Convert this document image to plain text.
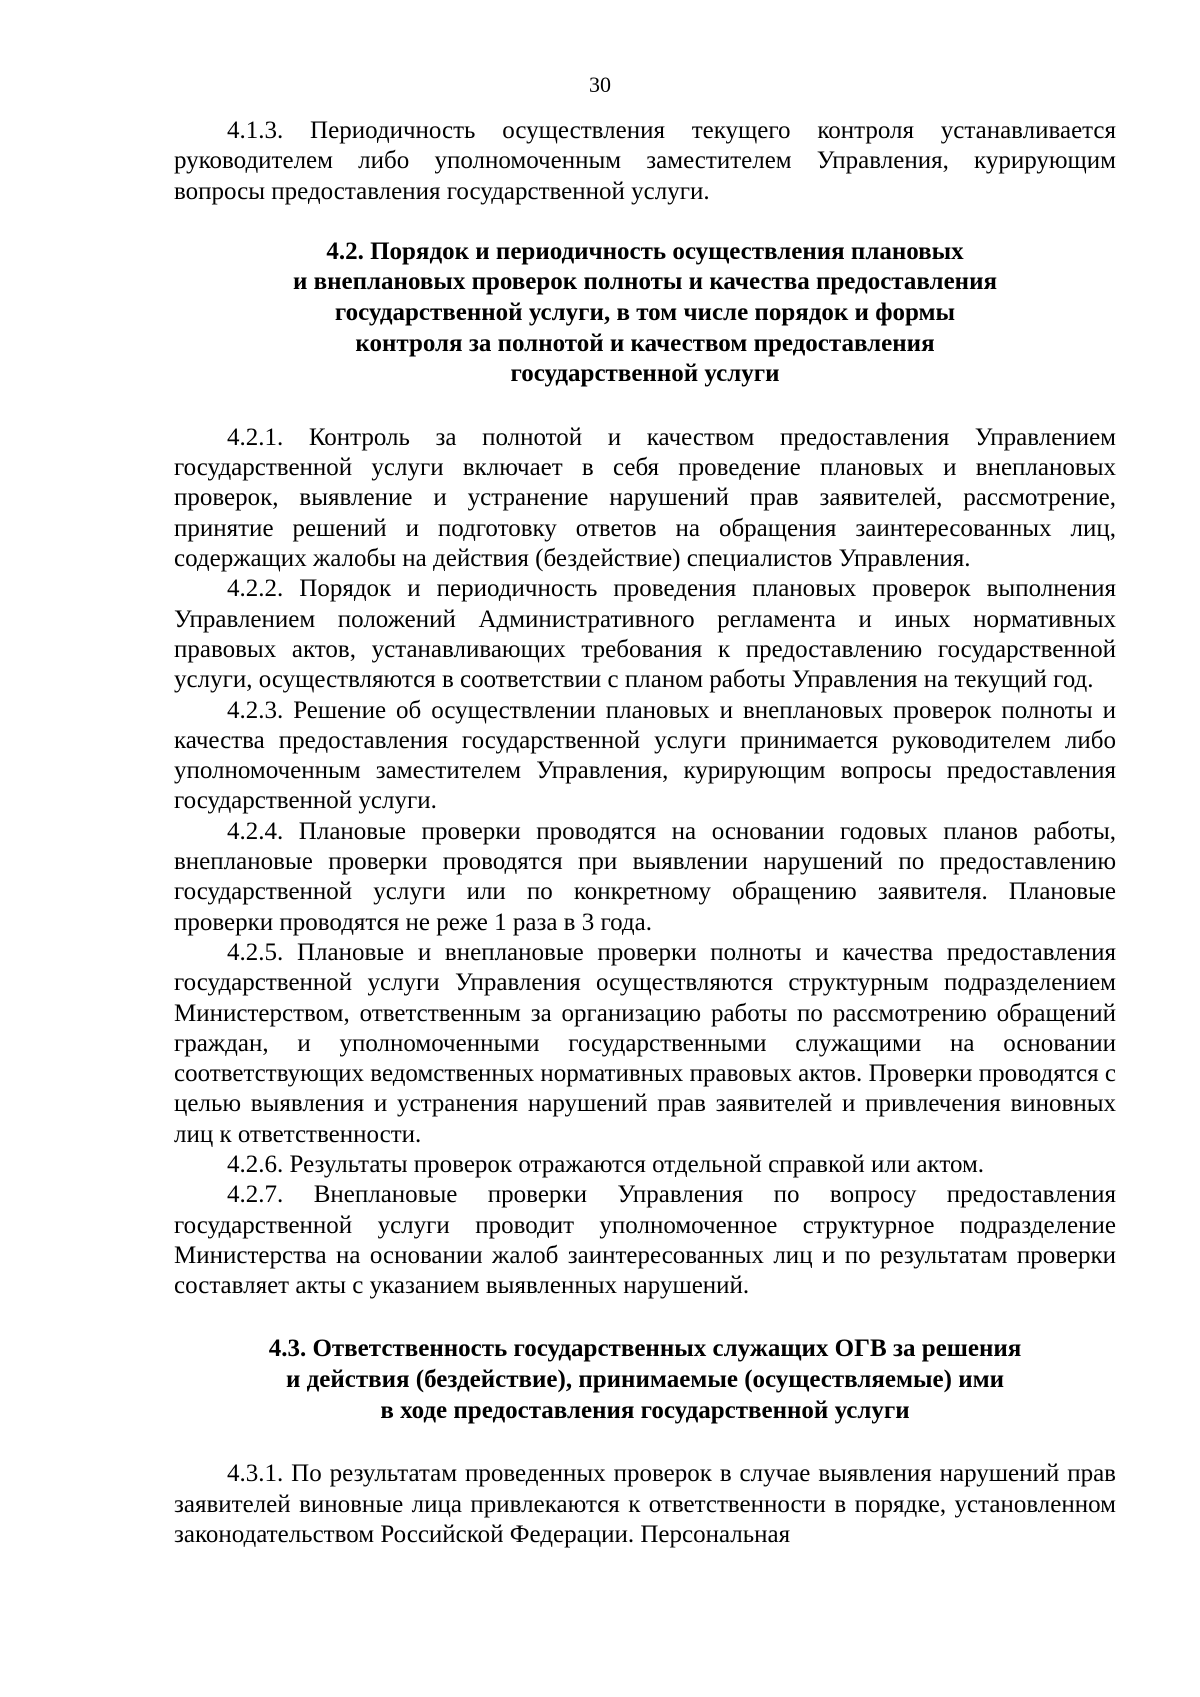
30

4.1.3. Периодичность осуществления текущего контроля устанавливается руководителем либо уполномоченным заместителем Управления, курирующим вопросы предоставления государственной услуги.

4.2. Порядок и периодичность осуществления плановых
и внеплановых проверок полноты и качества предоставления
государственной услуги, в том числе порядок и формы
контроля за полнотой и качеством предоставления
государственной услуги

4.2.1. Контроль за полнотой и качеством предоставления Управлением государственной услуги включает в себя проведение плановых и внеплановых проверок, выявление и устранение нарушений прав заявителей, рассмотрение, принятие решений и подготовку ответов на обращения заинтересованных лиц, содержащих жалобы на действия (бездействие) специалистов Управления.

4.2.2. Порядок и периодичность проведения плановых проверок выполнения Управлением положений Административного регламента и иных нормативных правовых актов, устанавливающих требования к предоставлению государственной услуги, осуществляются в соответствии с планом работы Управления на текущий год.

4.2.3. Решение об осуществлении плановых и внеплановых проверок полноты и качества предоставления государственной услуги принимается руководителем либо уполномоченным заместителем Управления, курирующим вопросы предоставления государственной услуги.

4.2.4. Плановые проверки проводятся на основании годовых планов работы, внеплановые проверки проводятся при выявлении нарушений по предоставлению государственной услуги или по конкретному обращению заявителя. Плановые проверки проводятся не реже 1 раза в 3 года.

4.2.5. Плановые и внеплановые проверки полноты и качества предоставления государственной услуги Управления осуществляются структурным подразделением Министерством, ответственным за организацию работы по рассмотрению обращений граждан, и уполномоченными государственными служащими на основании соответствующих ведомственных нормативных правовых актов. Проверки проводятся с целью выявления и устранения нарушений прав заявителей и привлечения виновных лиц к ответственности.

4.2.6. Результаты проверок отражаются отдельной справкой или актом.

4.2.7. Внеплановые проверки Управления по вопросу предоставления государственной услуги проводит уполномоченное структурное подразделение Министерства на основании жалоб заинтересованных лиц и по результатам проверки составляет акты с указанием выявленных нарушений.

4.3. Ответственность государственных служащих ОГВ за решения
и действия (бездействие), принимаемые (осуществляемые) ими
в ходе предоставления государственной услуги

4.3.1. По результатам проведенных проверок в случае выявления нарушений прав заявителей виновные лица привлекаются к ответственности в порядке, установленном законодательством Российской Федерации. Персональная
